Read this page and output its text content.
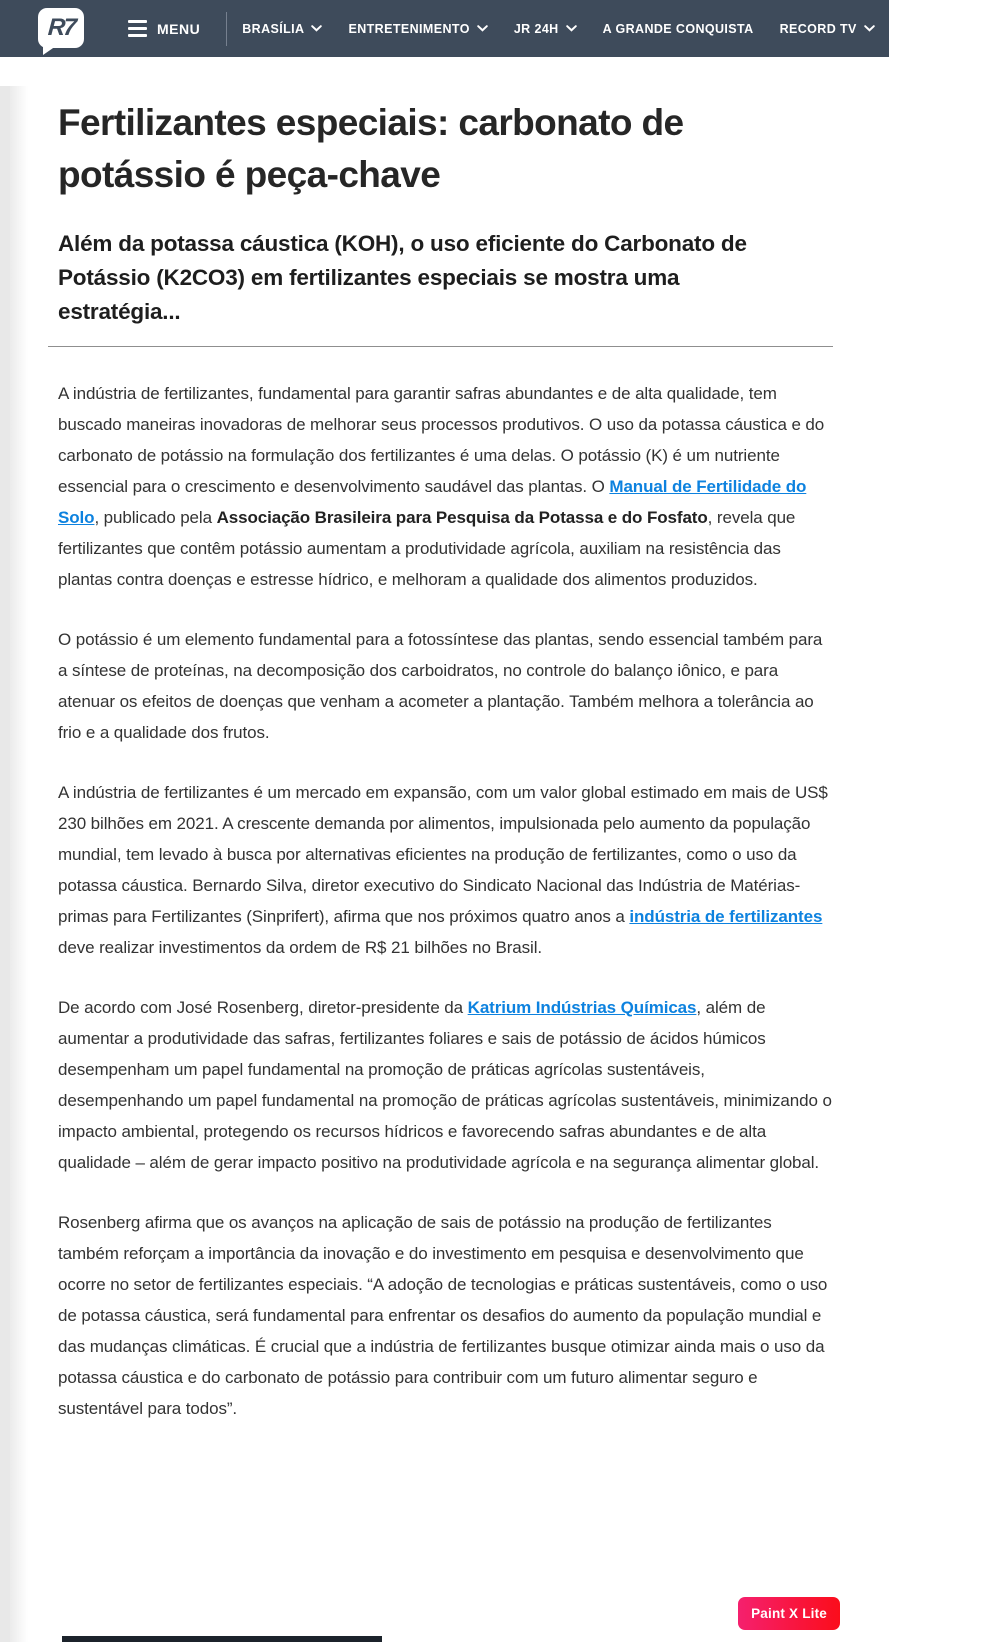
R7	MENU	BRASÍLIA	ENTRETENIMENTO	JR 24H	A GRANDE CONQUISTA RECORD TV	ESPORTES
Fertilizantes especiais: carbonato de potássio é peça-chave
Além da potassa cáustica (KOH), o uso eficiente do Carbonato de Potássio (K2CO3) em fertilizantes especiais se mostra uma estratégia...

A indústria de fertilizantes, fundamental para garantir safras abundantes e de alta qualidade, tem buscado maneiras inovadoras de melhorar seus processos produtivos. O uso da potassa cáustica e do carbonato de potássio na formulação dos fertilizantes é uma delas. O potássio (K) é um nutriente essencial para o crescimento e desenvolvimento saudável das plantas. O Manual de Fertilidade do Solo, publicado pela Associação Brasileira para Pesquisa da Potassa e do Fosfato, revela que fertilizantes que contêm potássio aumentam a produtividade agrícola, auxiliam na resistência das plantas contra doenças e estresse hídrico, e melhoram a qualidade dos alimentos produzidos.

O potássio é um elemento fundamental para a fotossíntese das plantas, sendo essencial também para a síntese de proteínas, na decomposição dos carboidratos, no controle do balanço iônico, e para atenuar os efeitos de doenças que venham a acometer a plantação. Também melhora a tolerância ao frio e a qualidade dos frutos.

A indústria de fertilizantes é um mercado em expansão, com um valor global estimado em mais de US$ 230 bilhões em 2021. A crescente demanda por alimentos, impulsionada pelo aumento da população mundial, tem levado à busca por alternativas eficientes na produção de fertilizantes, como o uso da potassa cáustica. Bernardo Silva, diretor executivo do Sindicato Nacional das Indústria de Matérias-primas para Fertilizantes (Sinprifert), afirma que nos próximos quatro anos a indústria de fertilizantes deve realizar investimentos da ordem de R$ 21 bilhões no Brasil.

De acordo com José Rosenberg, diretor-presidente da Katrium Indústrias Químicas, além de aumentar a produtividade das safras, fertilizantes foliares e sais de potássio de ácidos húmicos desempenham um papel fundamental na promoção de práticas agrícolas sustentáveis, desempenhando um papel fundamental na promoção de práticas agrícolas sustentáveis, minimizando o impacto ambiental, protegendo os recursos hídricos e favorecendo safras abundantes e de alta qualidade – além de gerar impacto positivo na produtividade agrícola e na segurança alimentar global.

Rosenberg afirma que os avanços na aplicação de sais de potássio na produção de fertilizantes também reforçam a importância da inovação e do investimento em pesquisa e desenvolvimento que ocorre no setor de fertilizantes especiais. “A adoção de tecnologias e práticas sustentáveis, como o uso de potassa cáustica, será fundamental para enfrentar os desafios do aumento da população mundial e das mudanças climáticas. É crucial que a indústria de fertilizantes busque otimizar ainda mais o uso da potassa cáustica e do carbonato de potássio para contribuir com um futuro alimentar seguro e sustentável para todos”.

Paint X Lite
